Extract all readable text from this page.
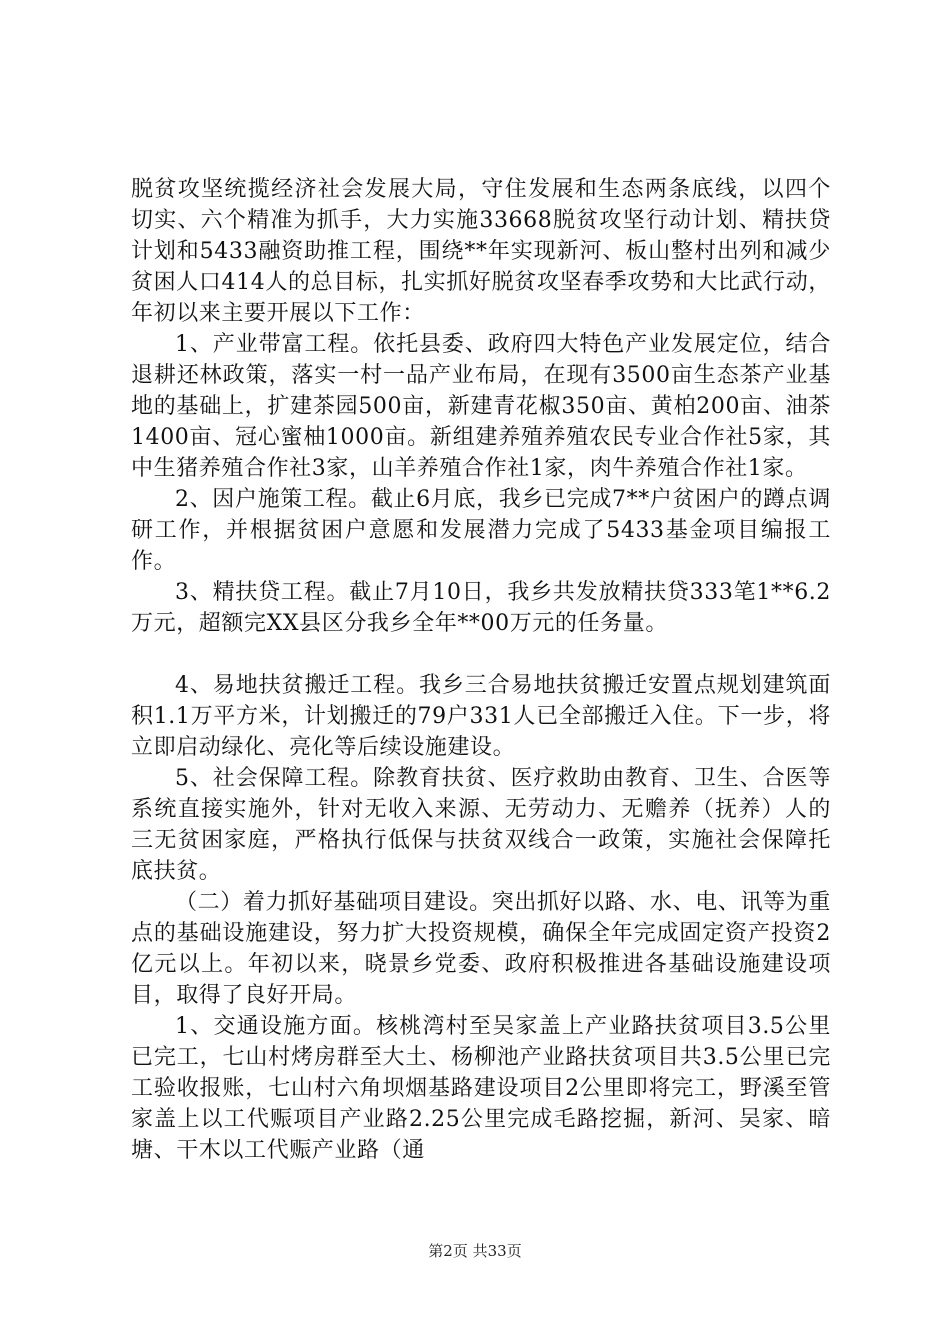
脱贫攻坚统揽经济社会发展大局，守住发展和生态两条底线，以四个切实、六个精准为抓手，大力实施33668脱贫攻坚行动计划、精扶贷计划和5433融资助推工程，围绕**年实现新河、板山整村出列和减少贫困人口414人的总目标，扎实抓好脱贫攻坚春季攻势和大比武行动，年初以来主要开展以下工作：

1、产业带富工程。依托县委、政府四大特色产业发展定位，结合退耕还林政策，落实一村一品产业布局，在现有3500亩生态茶产业基地的基础上，扩建茶园500亩，新建青花椒350亩、黄柏200亩、油茶1400亩、冠心蜜柚1000亩。新组建养殖养殖农民专业合作社5家，其中生猪养殖合作社3家，山羊养殖合作社1家，肉牛养殖合作社1家。

2、因户施策工程。截止6月底，我乡已完成7**户贫困户的蹲点调研工作，并根据贫困户意愿和发展潜力完成了5433基金项目编报工作。

3、精扶贷工程。截止7月10日，我乡共发放精扶贷333笔1**6.2万元，超额完XX县区分我乡全年**00万元的任务量。

4、易地扶贫搬迁工程。我乡三合易地扶贫搬迁安置点规划建筑面积1.1万平方米，计划搬迁的79户331人已全部搬迁入住。下一步，将立即启动绿化、亮化等后续设施建设。

5、社会保障工程。除教育扶贫、医疗救助由教育、卫生、合医等系统直接实施外，针对无收入来源、无劳动力、无赡养（抚养）人的三无贫困家庭，严格执行低保与扶贫双线合一政策，实施社会保障托底扶贫。

（二）着力抓好基础项目建设。突出抓好以路、水、电、讯等为重点的基础设施建设，努力扩大投资规模，确保全年完成固定资产投资2亿元以上。年初以来，晓景乡党委、政府积极推进各基础设施建设项目，取得了良好开局。

1、交通设施方面。核桃湾村至吴家盖上产业路扶贫项目3.5公里已完工，七山村烤房群至大土、杨柳池产业路扶贫项目共3.5公里已完工验收报账，七山村六角坝烟基路建设项目2公里即将完工，野溪至管家盖上以工代赈项目产业路2.25公里完成毛路挖掘，新河、吴家、暗塘、干木以工代赈产业路（通

第2页 共33页
